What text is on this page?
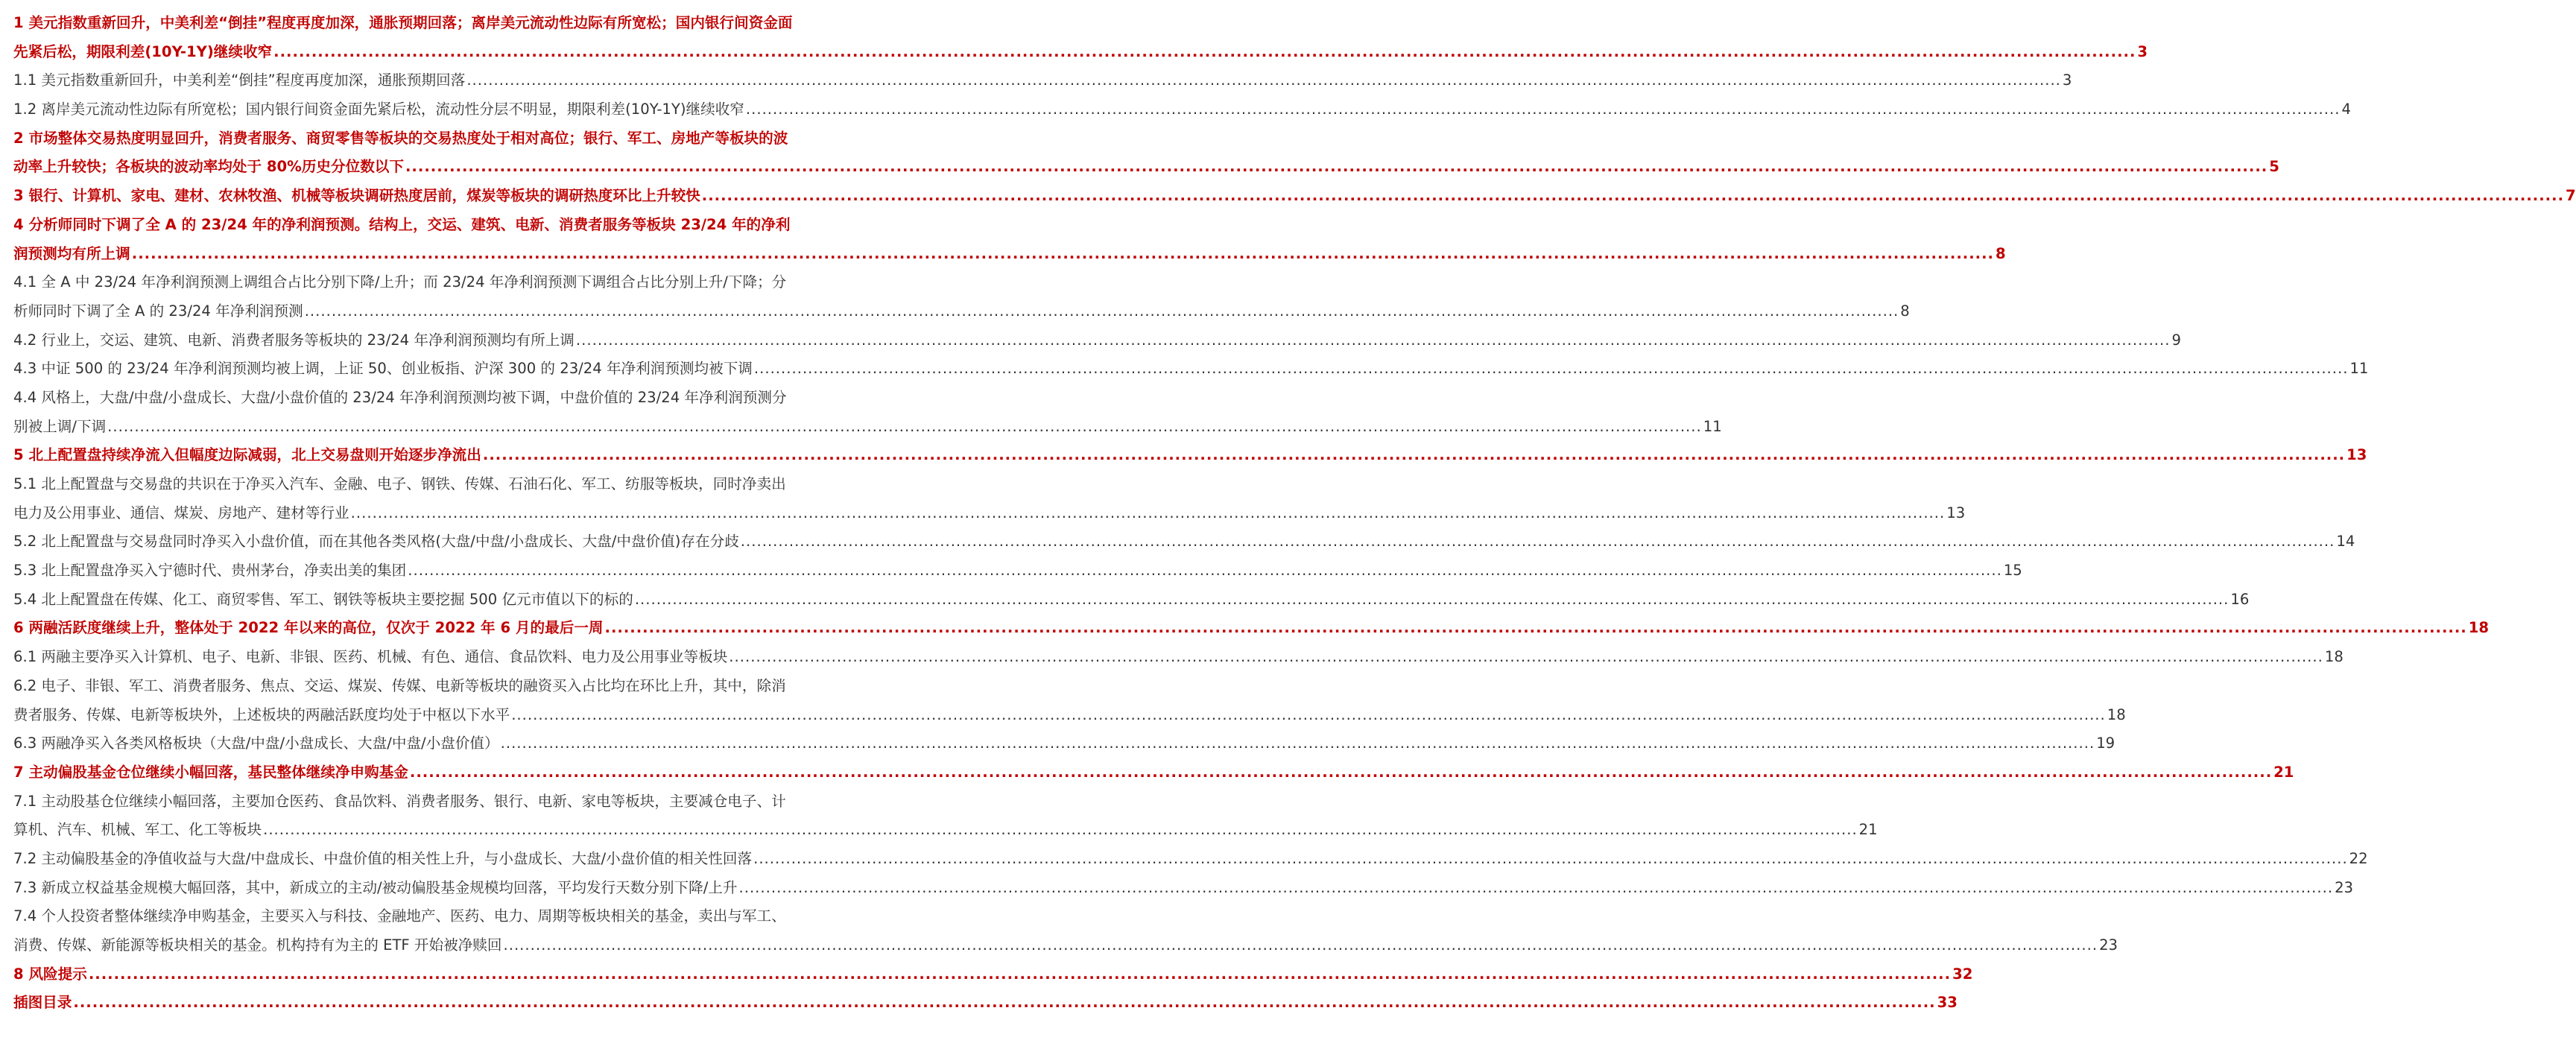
1 美元指数重新回升，中美利差“倒挂”程度再度加深，通胀预期回落；离岸美元流动性边际有所宽松；国内银行间资金面
先紧后松，期限利差(10Y-1Y)继续收窄 .....	3
1.1 美元指数重新回升，中美利差“倒挂”程度再度加深，通胀预期回落 .....	3
1.2 离岸美元流动性边际有所宽松；国内银行间资金面先紧后松，流动性分层不明显，期限利差(10Y-1Y)继续收窄 .....	4
2 市场整体交易热度明显回升，消费者服务、商贸零售等板块的交易热度处于相对高位；银行、军工、房地产等板块的波
动率上升较快；各板块的波动率均处于 80%历史分位数以下 .....	5
3 银行、计算机、家电、建材、农林牧渔、机械等板块调研热度居前，煤炭等板块的调研热度环比上升较快 .....	7
4 分析师同时下调了全 A 的 23/24 年的净利润预测。结构上，交运、建筑、电新、消费者服务等板块 23/24 年的净利
润预测均有所上调 .....	8
4.1 全 A 中 23/24 年净利润预测上调组合占比分别下降/上升；而 23/24 年净利润预测下调组合占比分别上升/下降；分
析师同时下调了全 A 的 23/24 年净利润预测 .....	8
4.2 行业上，交运、建筑、电新、消费者服务等板块的 23/24 年净利润预测均有所上调 .....	9
4.3 中证 500 的 23/24 年净利润预测均被上调，上证 50、创业板指、沪深 300 的 23/24 年净利润预测均被下调 .....	11
4.4 风格上，大盘/中盘/小盘成长、大盘/小盘价值的 23/24 年净利润预测均被下调，中盘价值的 23/24 年净利润预测分
别被上调/下调 .....	11
5 北上配置盘持续净流入但幅度边际减弱，北上交易盘则开始逐步净流出 .....	13
5.1 北上配置盘与交易盘的共识在于净买入汽车、金融、电子、钢铁、传媒、石油石化、军工、纺服等板块，同时净卖出
电力及公用事业、通信、煤炭、房地产、建材等行业 .....	13
5.2 北上配置盘与交易盘同时净买入小盘价值，而在其他各类风格(大盘/中盘/小盘成长、大盘/中盘价值)存在分歧 .....	14
5.3 北上配置盘净买入宁德时代、贵州茅台，净卖出美的集团 .....	15
5.4 北上配置盘在传媒、化工、商贸零售、军工、钢铁等板块主要挖掘 500 亿元市值以下的标的 .....	16
6 两融活跃度继续上升，整体处于 2022 年以来的高位，仅次于 2022 年 6 月的最后一周 .....	18
6.1 两融主要净买入计算机、电子、电新、非银、医药、机械、有色、通信、食品饮料、电力及公用事业等板块 .....	18
6.2 电子、非银、军工、消费者服务、焦点、交运、煤炭、传媒、电新等板块的融资买入占比均在环比上升，其中，除消
费者服务、传媒、电新等板块外，上述板块的两融活跃度均处于中枢以下水平 .....	18
6.3 两融净买入各类风格板块（大盘/中盘/小盘成长、大盘/中盘/小盘价值） .....	19
7 主动偏股基金仓位继续小幅回落，基民整体继续净申购基金 .....	21
7.1 主动股基仓位继续小幅回落，主要加仓医药、食品饮料、消费者服务、银行、电新、家电等板块，主要减仓电子、计
算机、汽车、机械、军工、化工等板块 .....	21
7.2 主动偏股基金的净值收益与大盘/中盘成长、中盘价值的相关性上升，与小盘成长、大盘/小盘价值的相关性回落 .....	22
7.3 新成立权益基金规模大幅回落，其中，新成立的主动/被动偏股基金规模均回落，平均发行天数分别下降/上升 .....	23
7.4 个人投资者整体继续净申购基金，主要买入与科技、金融地产、医药、电力、周期等板块相关的基金，卖出与军工、
消费、传媒、新能源等板块相关的基金。机构持有为主的 ETF 开始被净赎回 .....	23
8 风险提示 .....	32
插图目录 .....	33
